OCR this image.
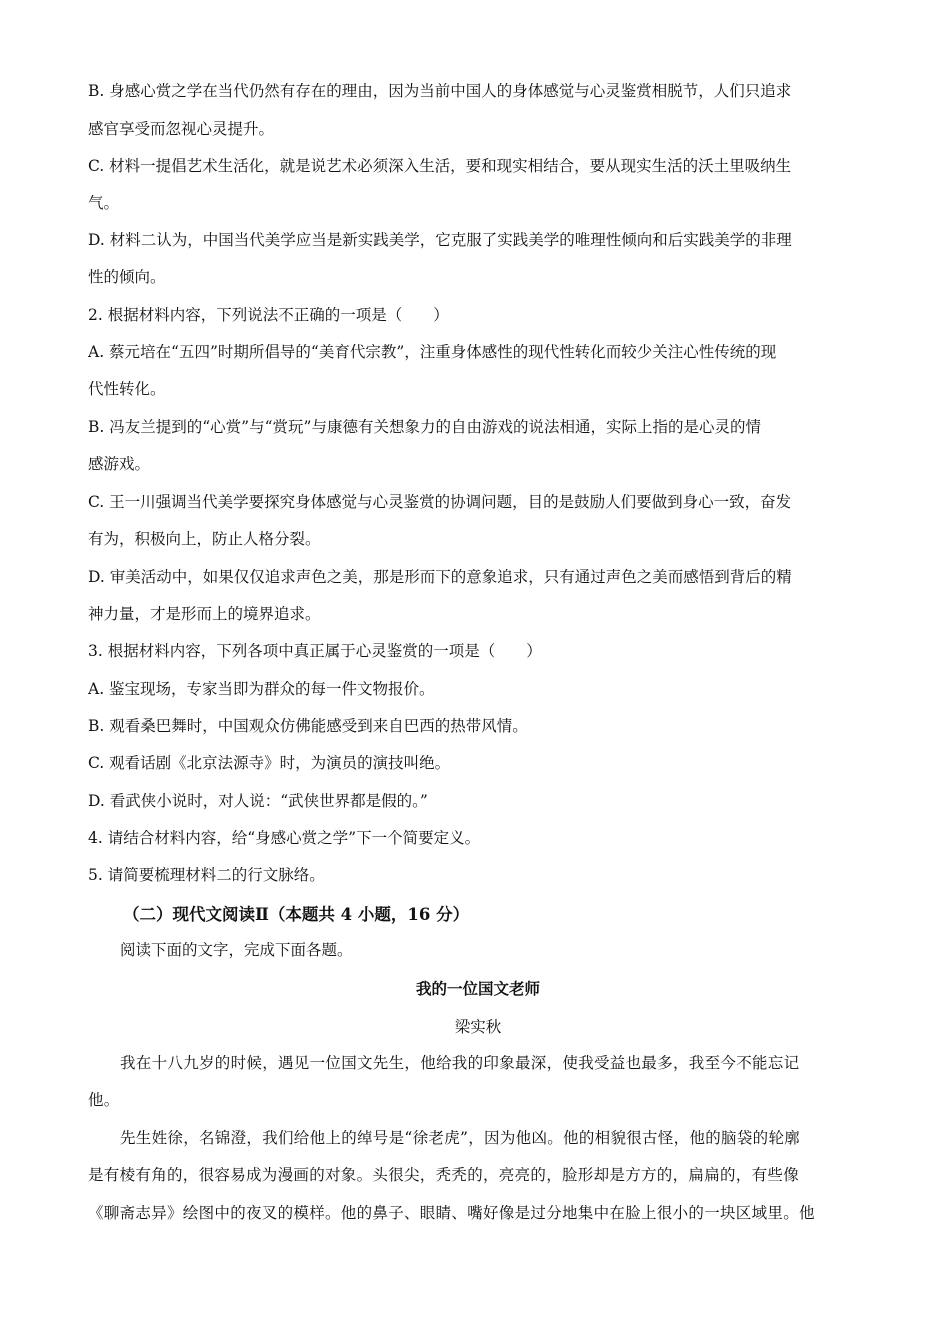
B. 身感心赏之学在当代仍然有存在的理由，因为当前中国人的身体感觉与心灵鉴赏相脱节，人们只追求
感官享受而忽视心灵提升。
C. 材料一提倡艺术生活化，就是说艺术必须深入生活，要和现实相结合，要从现实生活的沃土里吸纳生
气。
D. 材料二认为，中国当代美学应当是新实践美学，它克服了实践美学的唯理性倾向和后实践美学的非理
性的倾向。
2. 根据材料内容，下列说法不正确的一项是（　　）
A. 蔡元培在“五四”时期所倡导的“美育代宗教”，注重身体感性的现代性转化而较少关注心性传统的现
代性转化。
B. 冯友兰提到的“心赏”与“赏玩”与康德有关想象力的自由游戏的说法相通，实际上指的是心灵的情
感游戏。
C. 王一川强调当代美学要探究身体感觉与心灵鉴赏的协调问题，目的是鼓励人们要做到身心一致，奋发
有为，积极向上，防止人格分裂。
D. 审美活动中，如果仅仅追求声色之美，那是形而下的意象追求，只有通过声色之美而感悟到背后的精
神力量，才是形而上的境界追求。
3. 根据材料内容，下列各项中真正属于心灵鉴赏的一项是（　　）
A. 鉴宝现场，专家当即为群众的每一件文物报价。
B. 观看桑巴舞时，中国观众仿佛能感受到来自巴西的热带风情。
C. 观看话剧《北京法源寺》时，为演员的演技叫绝。
D. 看武侠小说时，对人说：“武侠世界都是假的。”
4. 请结合材料内容，给“身感心赏之学”下一个简要定义。
5. 请简要梳理材料二的行文脉络。
（二）现代文阅读Ⅱ（本题共 4 小题，16 分）
阅读下面的文字，完成下面各题。
我的一位国文老师
梁实秋
我在十八九岁的时候，遇见一位国文先生，他给我的印象最深，使我受益也最多，我至今不能忘记
他。
先生姓徐，名锦澄，我们给他上的绰号是“徐老虎”，因为他凶。他的相貌很古怪，他的脑袋的轮廓
是有棱有角的，很容易成为漫画的对象。头很尖，秃秃的，亮亮的，脸形却是方方的，扁扁的，有些像
《聊斋志异》绘图中的夜叉的模样。他的鼻子、眼睛、嘴好像是过分地集中在脸上很小的一块区域里。他
